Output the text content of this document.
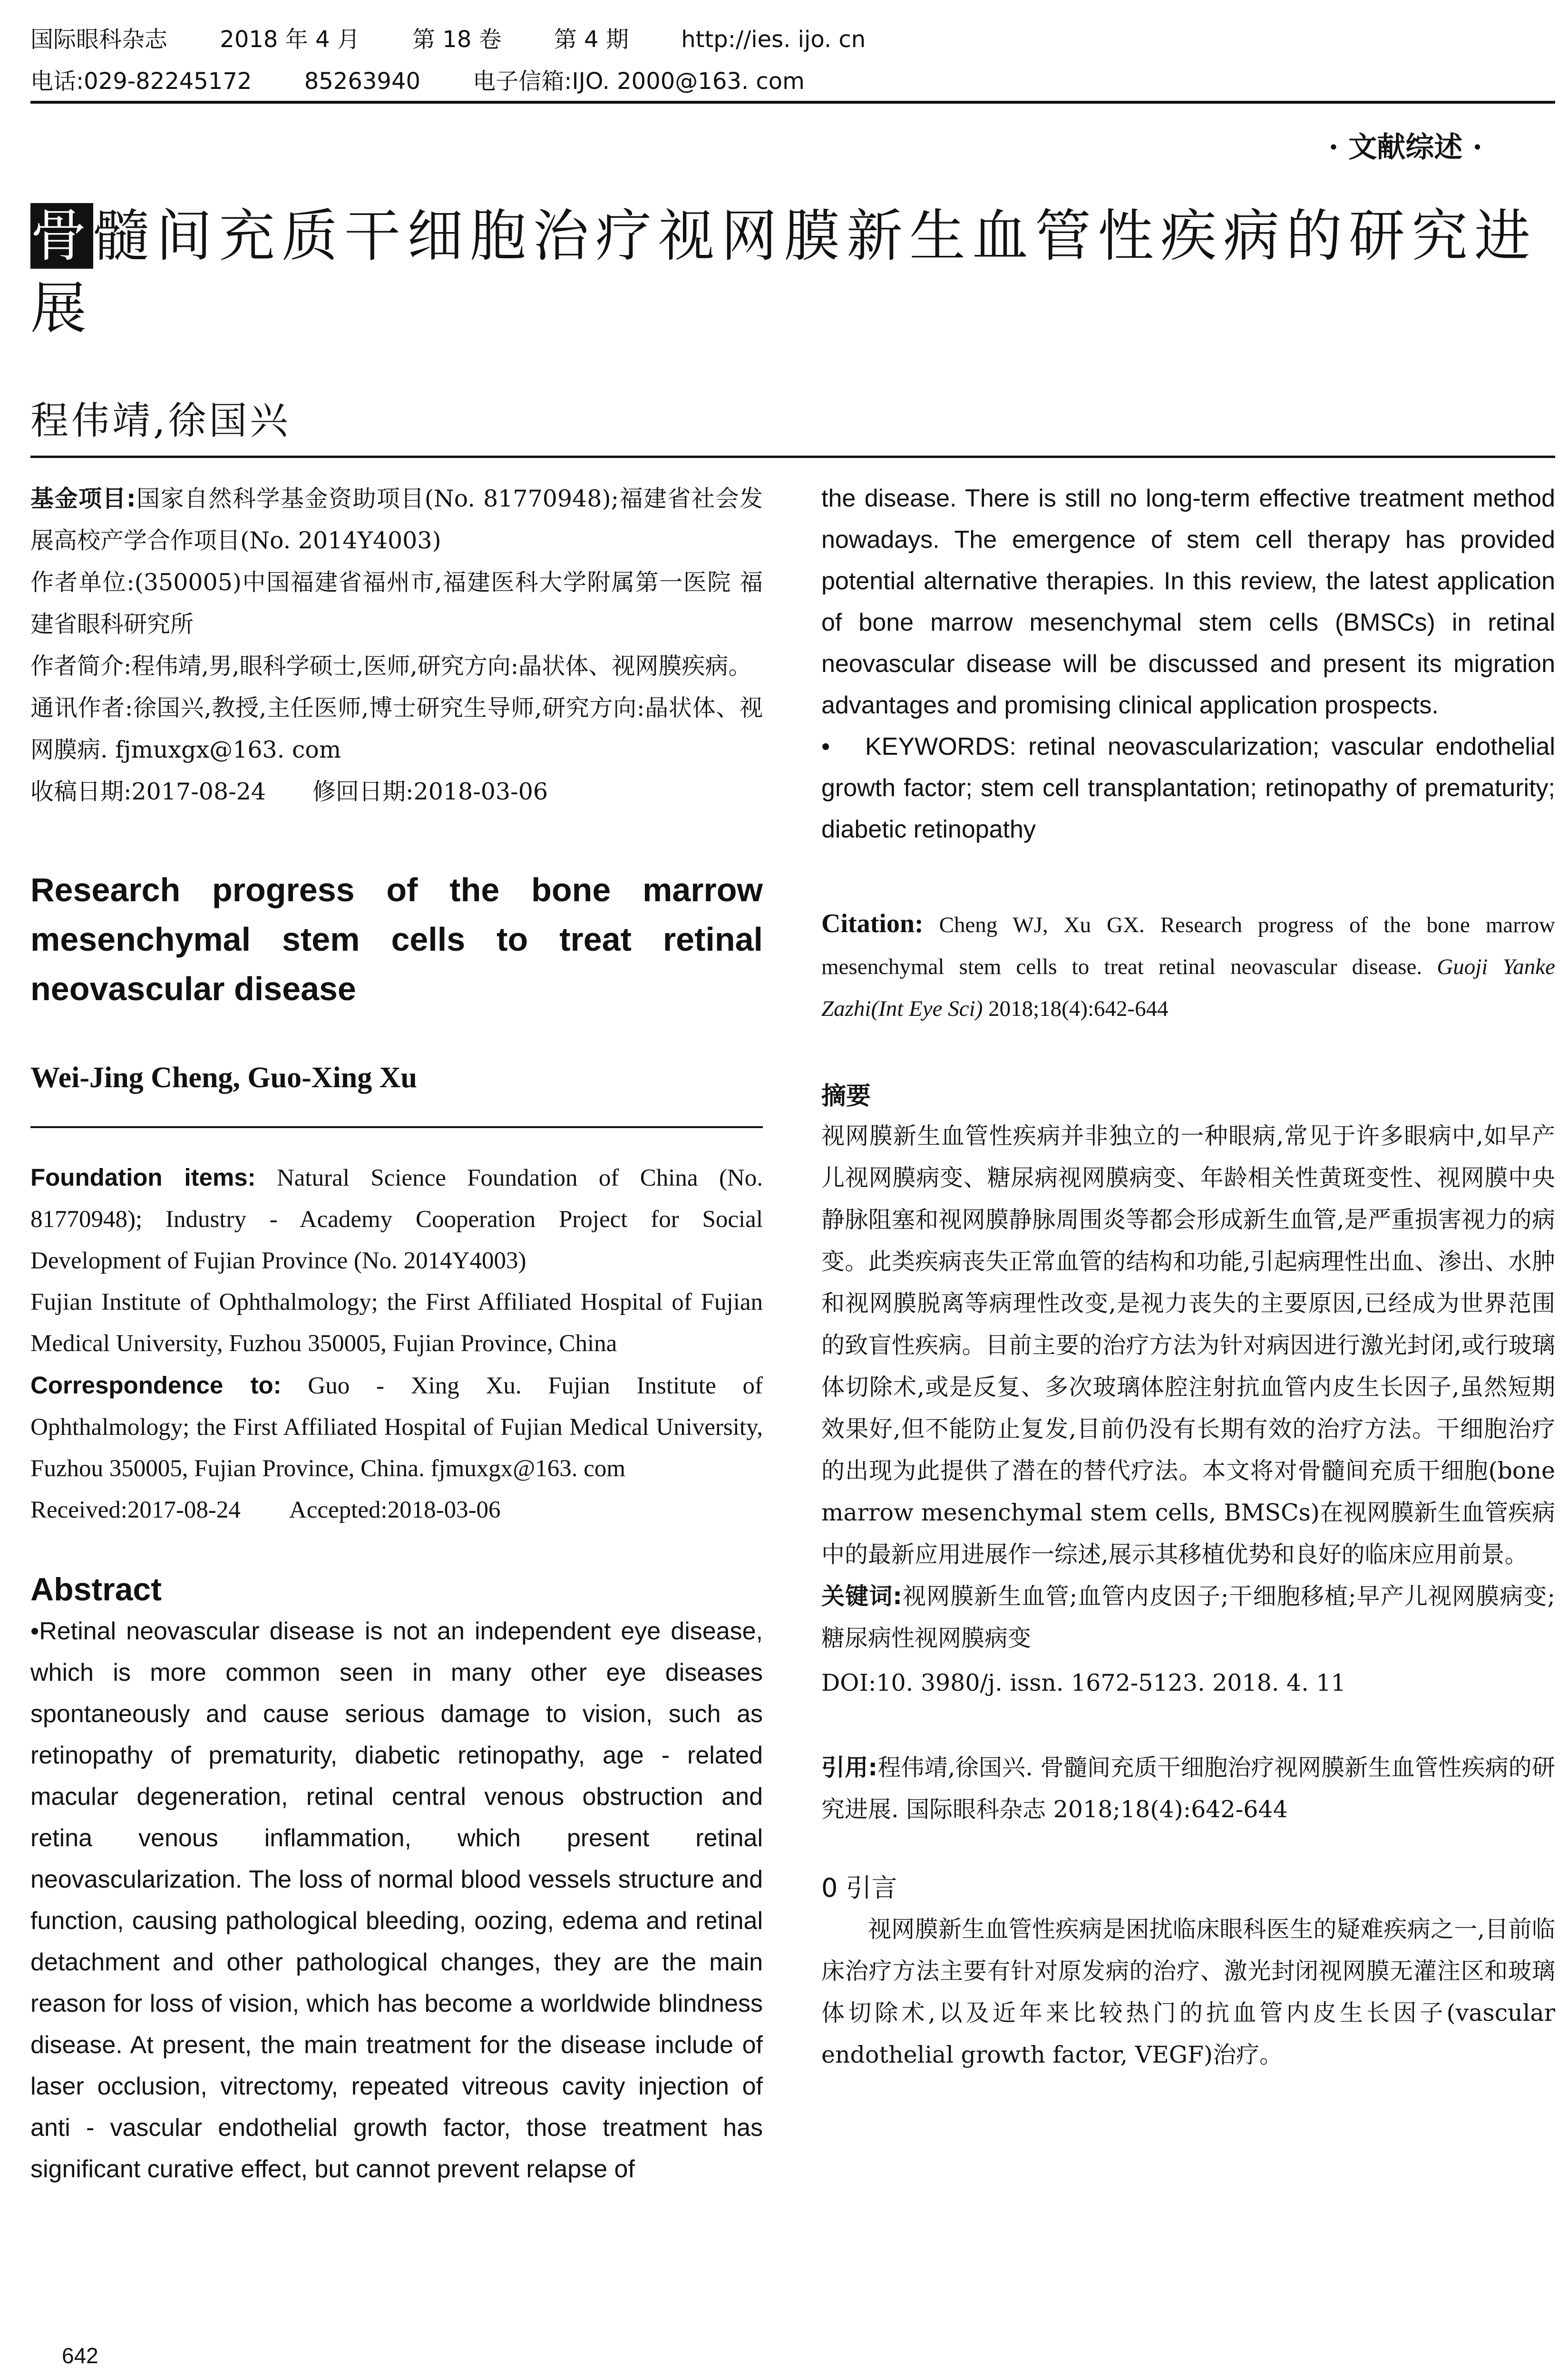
国际眼科杂志 2018 年 4 月 第 18 卷 第 4 期 http://ies. ijo. cn
电话:029-82245172 85263940 电子信箱:IJO. 2000@163. com
· 文献综述 ·
骨髓间充质干细胞治疗视网膜新生血管性疾病的研究进展
程伟靖,徐国兴

基金项目:国家自然科学基金资助项目(No. 81770948);福建省社会发展高校产学合作项目(No. 2014Y4003)

作者单位:(350005)中国福建省福州市,福建医科大学附属第一医院 福建省眼科研究所

作者简介:程伟靖,男,眼科学硕士,医师,研究方向:晶状体、视网膜疾病。

通讯作者:徐国兴,教授,主任医师,博士研究生导师,研究方向:晶状体、视网膜病. fjmuxgx@163. com

收稿日期:2017-08-24　　修回日期:2018-03-06

Research progress of the bone marrow mesenchymal stem cells to treat retinal neovascular disease

Wei-Jing Cheng, Guo-Xing Xu

Foundation items: Natural Science Foundation of China (No. 81770948); Industry - Academy Cooperation Project for Social Development of Fujian Province (No. 2014Y4003)

Fujian Institute of Ophthalmology; the First Affiliated Hospital of Fujian Medical University, Fuzhou 350005, Fujian Province, China

Correspondence to: Guo - Xing Xu. Fujian Institute of Ophthalmology; the First Affiliated Hospital of Fujian Medical University, Fuzhou 350005, Fujian Province, China. fjmuxgx@163. com

Received:2017-08-24　　Accepted:2018-03-06

Abstract

•Retinal neovascular disease is not an independent eye disease, which is more common seen in many other eye diseases spontaneously and cause serious damage to vision, such as retinopathy of prematurity, diabetic retinopathy, age - related macular degeneration, retinal central venous obstruction and retina venous inflammation, which present retinal neovascularization. The loss of normal blood vessels structure and function, causing pathological bleeding, oozing, edema and retinal detachment and other pathological changes, they are the main reason for loss of vision, which has become a worldwide blindness disease. At present, the main treatment for the disease include of laser occlusion, vitrectomy, repeated vitreous cavity injection of anti - vascular endothelial growth factor, those treatment has significant curative effect, but cannot prevent relapse of

the disease. There is still no long-term effective treatment method nowadays. The emergence of stem cell therapy has provided potential alternative therapies. In this review, the latest application of bone marrow mesenchymal stem cells (BMSCs) in retinal neovascular disease will be discussed and present its migration advantages and promising clinical application prospects.

•　KEYWORDS: retinal neovascularization; vascular endothelial growth factor; stem cell transplantation; retinopathy of prematurity; diabetic retinopathy

Citation: Cheng WJ, Xu GX. Research progress of the bone marrow mesenchymal stem cells to treat retinal neovascular disease. Guoji Yanke Zazhi(Int Eye Sci) 2018;18(4):642-644

摘要

视网膜新生血管性疾病并非独立的一种眼病,常见于许多眼病中,如早产儿视网膜病变、糖尿病视网膜病变、年龄相关性黄斑变性、视网膜中央静脉阻塞和视网膜静脉周围炎等都会形成新生血管,是严重损害视力的病变。此类疾病丧失正常血管的结构和功能,引起病理性出血、渗出、水肿和视网膜脱离等病理性改变,是视力丧失的主要原因,已经成为世界范围的致盲性疾病。目前主要的治疗方法为针对病因进行激光封闭,或行玻璃体切除术,或是反复、多次玻璃体腔注射抗血管内皮生长因子,虽然短期效果好,但不能防止复发,目前仍没有长期有效的治疗方法。干细胞治疗的出现为此提供了潜在的替代疗法。本文将对骨髓间充质干细胞(bone marrow mesenchymal stem cells, BMSCs)在视网膜新生血管疾病中的最新应用进展作一综述,展示其移植优势和良好的临床应用前景。

关键词:视网膜新生血管;血管内皮因子;干细胞移植;早产儿视网膜病变;糖尿病性视网膜病变

DOI:10. 3980/j. issn. 1672-5123. 2018. 4. 11

引用:程伟靖,徐国兴. 骨髓间充质干细胞治疗视网膜新生血管性疾病的研究进展. 国际眼科杂志 2018;18(4):642-644

0 引言

视网膜新生血管性疾病是困扰临床眼科医生的疑难疾病之一,目前临床治疗方法主要有针对原发病的治疗、激光封闭视网膜无灌注区和玻璃体切除术,以及近年来比较热门的抗血管内皮生长因子(vascular endothelial growth factor, VEGF)治疗。

642
